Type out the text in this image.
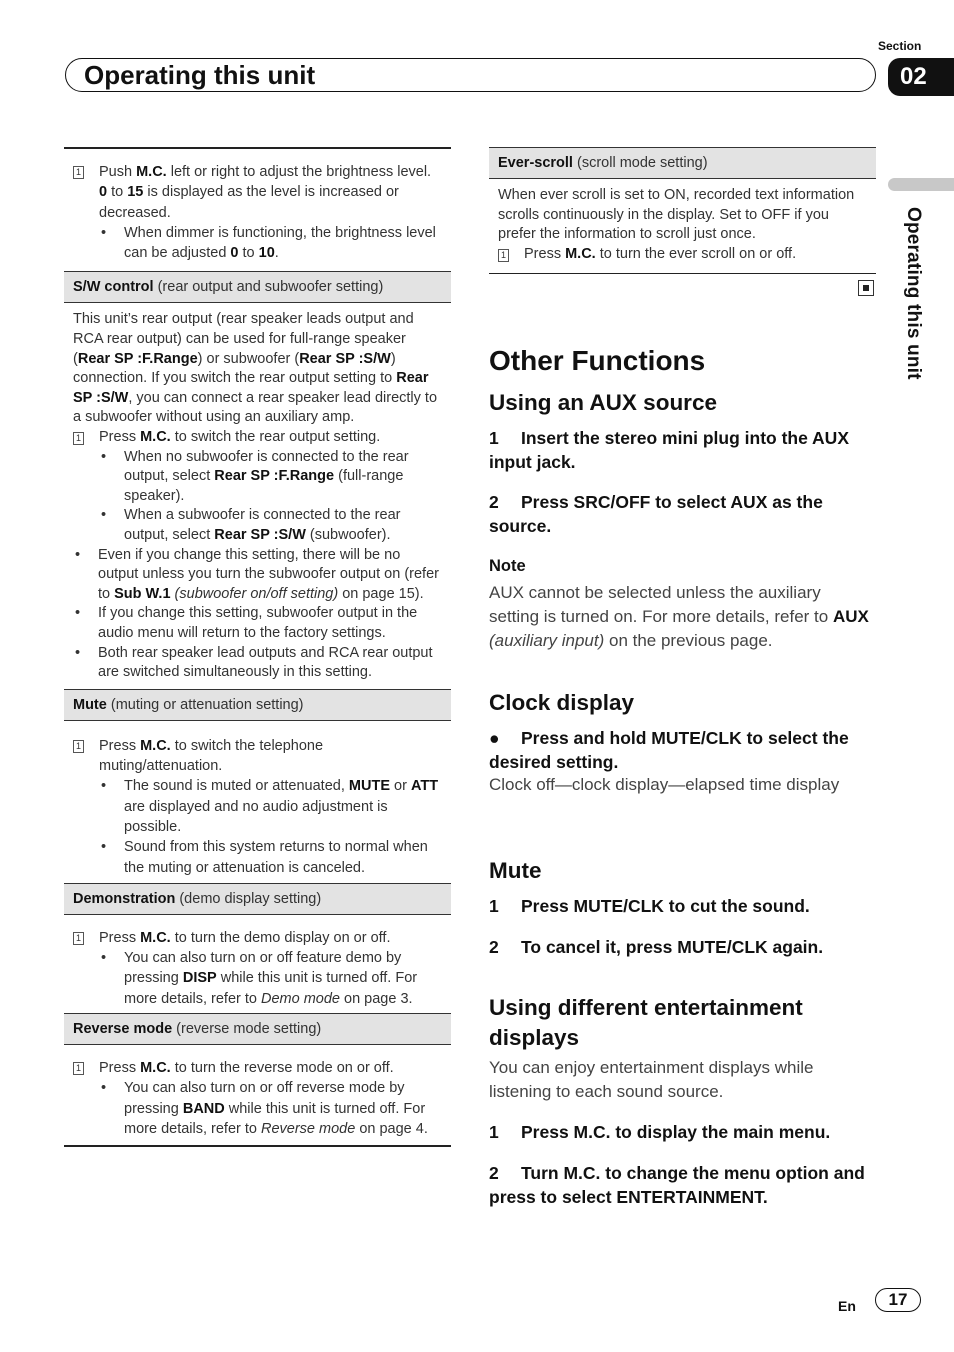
Section
Operating this unit	02
Operating this unit
1 Push M.C. left or right to adjust the brightness level.
0 to 15 is displayed as the level is increased or decreased.
• When dimmer is functioning, the brightness level can be adjusted 0 to 10.
S/W control (rear output and subwoofer setting)
This unit’s rear output (rear speaker leads output and RCA rear output) can be used for full-range speaker (Rear SP :F.Range) or subwoofer (Rear SP :S/W) connection. If you switch the rear output setting to Rear SP :S/W, you can connect a rear speaker lead directly to a subwoofer without using an auxiliary amp.
1 Press M.C. to switch the rear output setting.
• When no subwoofer is connected to the rear output, select Rear SP :F.Range (full-range speaker).
• When a subwoofer is connected to the rear output, select Rear SP :S/W (subwoofer).
• Even if you change this setting, there will be no output unless you turn the subwoofer output on (refer to Sub W.1 (subwoofer on/off setting) on page 15).
• If you change this setting, subwoofer output in the audio menu will return to the factory settings.
• Both rear speaker lead outputs and RCA rear output are switched simultaneously in this setting.
Mute (muting or attenuation setting)
1 Press M.C. to switch the telephone muting/attenuation.
• The sound is muted or attenuated, MUTE or ATT are displayed and no audio adjustment is possible.
• Sound from this system returns to normal when the muting or attenuation is canceled.
Demonstration (demo display setting)
1 Press M.C. to turn the demo display on or off.
• You can also turn on or off feature demo by pressing DISP while this unit is turned off. For more details, refer to Demo mode on page 3.
Reverse mode (reverse mode setting)
1 Press M.C. to turn the reverse mode on or off.
• You can also turn on or off reverse mode by pressing BAND while this unit is turned off. For more details, refer to Reverse mode on page 4.
Ever-scroll (scroll mode setting)
When ever scroll is set to ON, recorded text information scrolls continuously in the display. Set to OFF if you prefer the information to scroll just once.
1 Press M.C. to turn the ever scroll on or off.
Other Functions
Using an AUX source
1 Insert the stereo mini plug into the AUX input jack.
2 Press SRC/OFF to select AUX as the source.
Note
AUX cannot be selected unless the auxiliary setting is turned on. For more details, refer to AUX (auxiliary input) on the previous page.
Clock display
● Press and hold MUTE/CLK to select the desired setting.
Clock off—clock display—elapsed time display
Mute
1 Press MUTE/CLK to cut the sound.
2 To cancel it, press MUTE/CLK again.
Using different entertainment displays
You can enjoy entertainment displays while listening to each sound source.
1 Press M.C. to display the main menu.
2 Turn M.C. to change the menu option and press to select ENTERTAINMENT.
En	17
